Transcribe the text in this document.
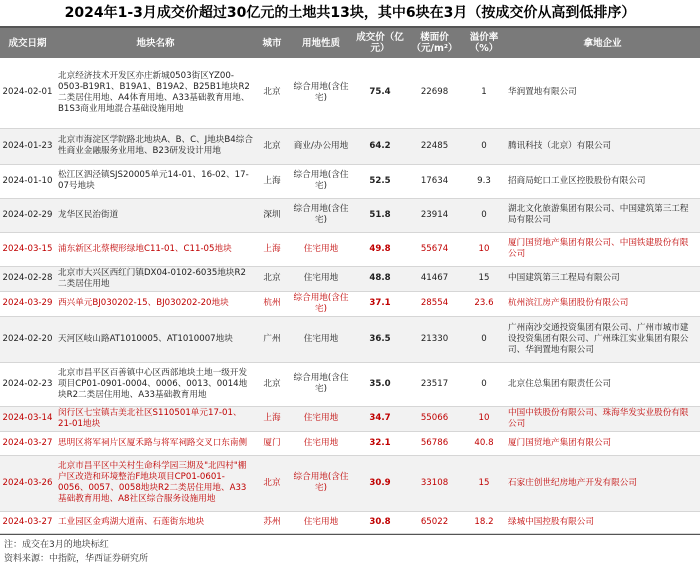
2024年1-3月成交价超过30亿元的土地共13块，其中6块在3月（按成交价从高到低排序）
成交日期	地块名称	城市	用地性质	成交价（亿元）	楼面价（元/m²）	溢价率（%）	拿地企业
2024-02-01	北京经济技术开发区亦庄新城0503街区YZ00-0503-B19R1、B19A1、B19A2、B25B1地块R2二类居住用地、A4体育用地、A33基础教育用地、B1S3商业用地混合基础设施用地	北京	综合用地(含住宅)	75.4	22698	1	华润置地有限公司
2024-01-23	北京市海淀区学院路北地块A、B、C、J地块B4综合性商业金融服务业用地、B23研发设计用地	北京	商业/办公用地	64.2	22485	0	腾讯科技（北京）有限公司
2024-01-10	松江区泗泾镇SJS20005单元14-01、16-02、17-07号地块	上海	综合用地(含住宅)	52.5	17634	9.3	招商局蛇口工业区控股股份有限公司
2024-02-29	龙华区民治街道	深圳	综合用地(含住宅)	51.8	23914	0	湖北文化旅游集团有限公司、中国建筑第三工程局有限公司
2024-03-15	浦东新区北蔡楔形绿地C11-01、C11-05地块	上海	住宅用地	49.8	55674	10	厦门国贸地产集团有限公司、中国铁建股份有限公司
2024-02-28	北京市大兴区西红门镇DX04-0102-6035地块R2二类居住用地	北京	住宅用地	48.8	41467	15	中国建筑第三工程局有限公司
2024-03-29	西兴单元BJ030202-15、BJ030202-20地块	杭州	综合用地(含住宅)	37.1	28554	23.6	杭州滨江房产集团股份有限公司
2024-02-20	天河区岐山路AT1010005、AT1010007地块	广州	住宅用地	36.5	21330	0	广州南沙交通投资集团有限公司、广州市城市建设投资集团有限公司、广州珠江实业集团有限公司、华润置地有限公司
2024-02-23	北京市昌平区百善镇中心区西部地块土地一级开发项目CP01-0901-0004、0006、0013、0014地块R2二类居住用地、A33基础教育用地	北京	综合用地(含住宅)	35.0	23517	0	北京住总集团有限责任公司
2024-03-14	闵行区七宝镇古美北社区S110501单元17-01、21-01地块	上海	住宅用地	34.7	55066	10	中国中铁股份有限公司、珠海华发实业股份有限公司
2024-03-27	思明区将军祠片区厦禾路与将军祠路交叉口东南侧	厦门	住宅用地	32.1	56786	40.8	厦门国贸地产集团有限公司
2024-03-26	北京市昌平区中关村生命科学园三期及"北四村"棚户区改造和环境整治F地块项目CP01-0601-0056、0057、0058地块R2二类居住用地、A33基础教育用地、A8社区综合服务设施用地	北京	综合用地(含住宅)	30.9	33108	15	石家庄创世纪房地产开发有限公司
2024-03-27	工业园区金鸡湖大道南、石莲街东地块	苏州	住宅用地	30.8	65022	18.2	绿城中国控股有限公司
注：成交在3月的地块标红
资料来源：中指院，华西证券研究所
